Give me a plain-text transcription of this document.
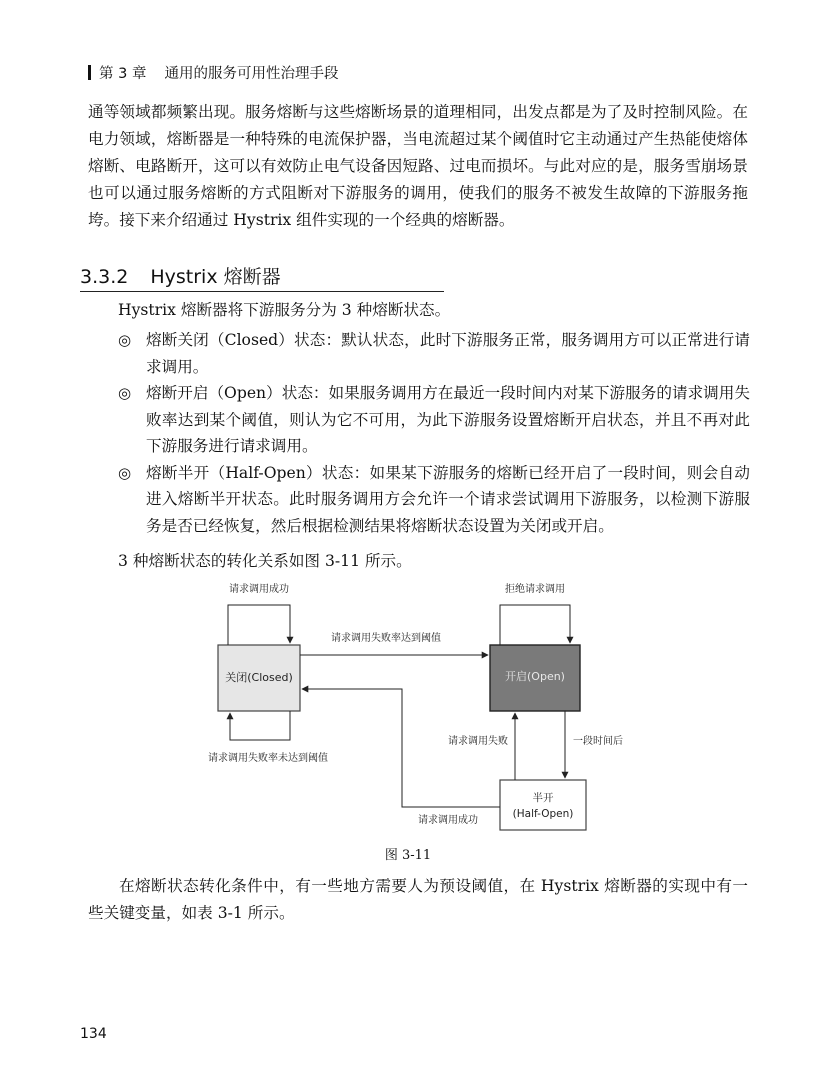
第 3 章 通用的服务可用性治理手段

通等领域都频繁出现。服务熔断与这些熔断场景的道理相同，出发点都是为了及时控制风险。在电力领域，熔断器是一种特殊的电流保护器，当电流超过某个阈值时它主动通过产生热能使熔体熔断、电路断开，这可以有效防止电气设备因短路、过电而损坏。与此对应的是，服务雪崩场景也可以通过服务熔断的方式阻断对下游服务的调用，使我们的服务不被发生故障的下游服务拖垮。接下来介绍通过 Hystrix 组件实现的一个经典的熔断器。

3.3.2 Hystrix 熔断器

Hystrix 熔断器将下游服务分为 3 种熔断状态。

◎ 熔断关闭（Closed）状态：默认状态，此时下游服务正常，服务调用方可以正常进行请求调用。
◎ 熔断开启（Open）状态：如果服务调用方在最近一段时间内对某下游服务的请求调用失败率达到某个阈值，则认为它不可用，为此下游服务设置熔断开启状态，并且不再对此下游服务进行请求调用。
◎ 熔断半开（Half-Open）状态：如果某下游服务的熔断已经开启了一段时间，则会自动进入熔断半开状态。此时服务调用方会允许一个请求尝试调用下游服务，以检测下游服务是否已经恢复，然后根据检测结果将熔断状态设置为关闭或开启。

3 种熔断状态的转化关系如图 3-11 所示。

关闭(Closed)	开启(Open)
半开
(Half-Open)
请求调用成功	拒绝请求调用
请求调用失败率达到阈值
请求调用失败率未达到阈值
请求调用失败	一段时间后
请求调用成功
图 3-11

在熔断状态转化条件中，有一些地方需要人为预设阈值，在 Hystrix 熔断器的实现中有一些关键变量，如表 3-1 所示。

134
